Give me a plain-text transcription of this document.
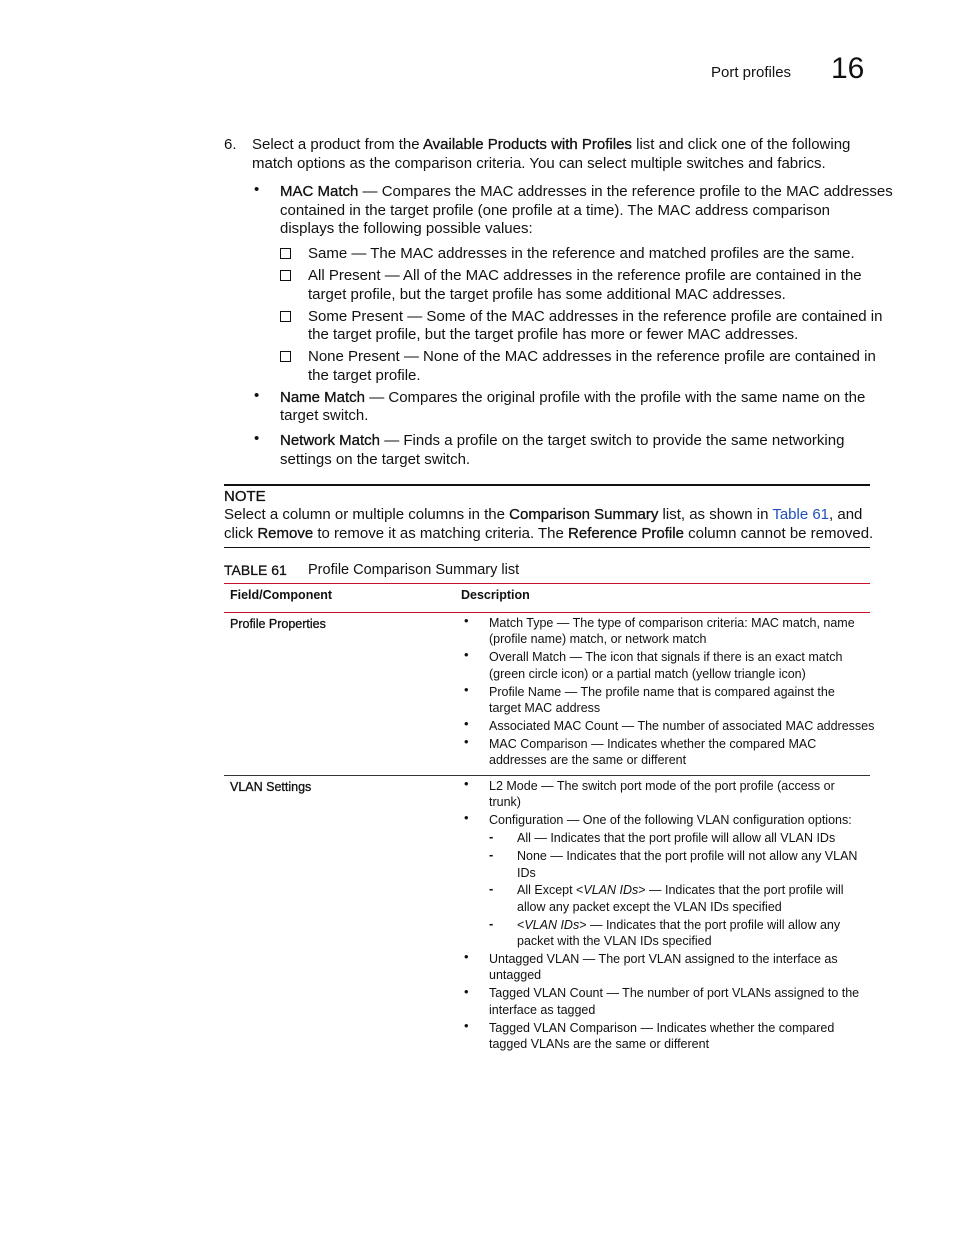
Port profiles 16
6. Select a product from the Available Products with Profiles list and click one of the following
match options as the comparison criteria. You can select multiple switches and fabrics.
• MAC Match — Compares the MAC addresses in the reference profile to the MAC addresses
contained in the target profile (one profile at a time). The MAC address comparison
displays the following possible values:
Same — The MAC addresses in the reference and matched profiles are the same.
All Present — All of the MAC addresses in the reference profile are contained in the
target profile, but the target profile has some additional MAC addresses.
Some Present — Some of the MAC addresses in the reference profile are contained in
the target profile, but the target profile has more or fewer MAC addresses.
None Present — None of the MAC addresses in the reference profile are contained in
the target profile.
• Name Match — Compares the original profile with the profile with the same name on the
target switch.
• Network Match — Finds a profile on the target switch to provide the same networking
settings on the target switch.
NOTE
Select a column or multiple columns in the Comparison Summary list, as shown in Table 61, and
click Remove to remove it as matching criteria. The Reference Profile column cannot be removed.
TABLE 61 Profile Comparison Summary list
Field/Component	Description
Profile Properties	• Match Type — The type of comparison criteria: MAC match, name
(profile name) match, or network match
• Overall Match — The icon that signals if there is an exact match
(green circle icon) or a partial match (yellow triangle icon)
• Profile Name — The profile name that is compared against the
target MAC address
• Associated MAC Count — The number of associated MAC addresses
• MAC Comparison — Indicates whether the compared MAC
addresses are the same or different
VLAN Settings	• L2 Mode — The switch port mode of the port profile (access or
trunk)
• Configuration — One of the following VLAN configuration options:
- All — Indicates that the port profile will allow all VLAN IDs
- None — Indicates that the port profile will not allow any VLAN
IDs
- All Except <VLAN IDs> — Indicates that the port profile will
allow any packet except the VLAN IDs specified
- <VLAN IDs> — Indicates that the port profile will allow any
packet with the VLAN IDs specified
• Untagged VLAN — The port VLAN assigned to the interface as
untagged
• Tagged VLAN Count — The number of port VLANs assigned to the
interface as tagged
• Tagged VLAN Comparison — Indicates whether the compared
tagged VLANs are the same or different
